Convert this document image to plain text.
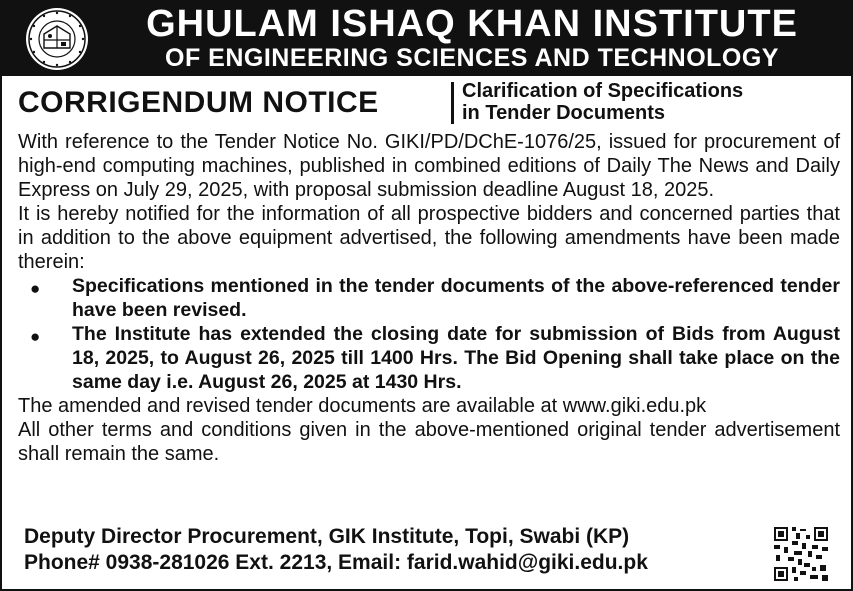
GHULAM ISHAQ KHAN INSTITUTE
OF ENGINEERING SCIENCES AND TECHNOLOGY
CORRIGENDUM NOTICE	Clarification of Specifications
in Tender Documents

With reference to the Tender Notice No. GIKI/PD/DChE-1076/25, issued for procurement of high-end computing machines, published in combined editions of Daily The News and Daily Express on July 29, 2025, with proposal submission deadline August 18, 2025.

It is hereby notified for the information of all prospective bidders and concerned parties that in addition to the above equipment advertised, the following amendments have been made therein:

● Specifications mentioned in the tender documents of the above-referenced tender have been revised.
● The Institute has extended the closing date for submission of Bids from August 18, 2025, to August 26, 2025 till 1400 Hrs. The Bid Opening shall take place on the same day i.e. August 26, 2025 at 1430 Hrs.

The amended and revised tender documents are available at www.giki.edu.pk

All other terms and conditions given in the above-mentioned original tender advertisement shall remain the same.

Deputy Director Procurement, GIK Institute, Topi, Swabi (KP)
Phone# 0938-281026 Ext. 2213, Email: farid.wahid@giki.edu.pk
